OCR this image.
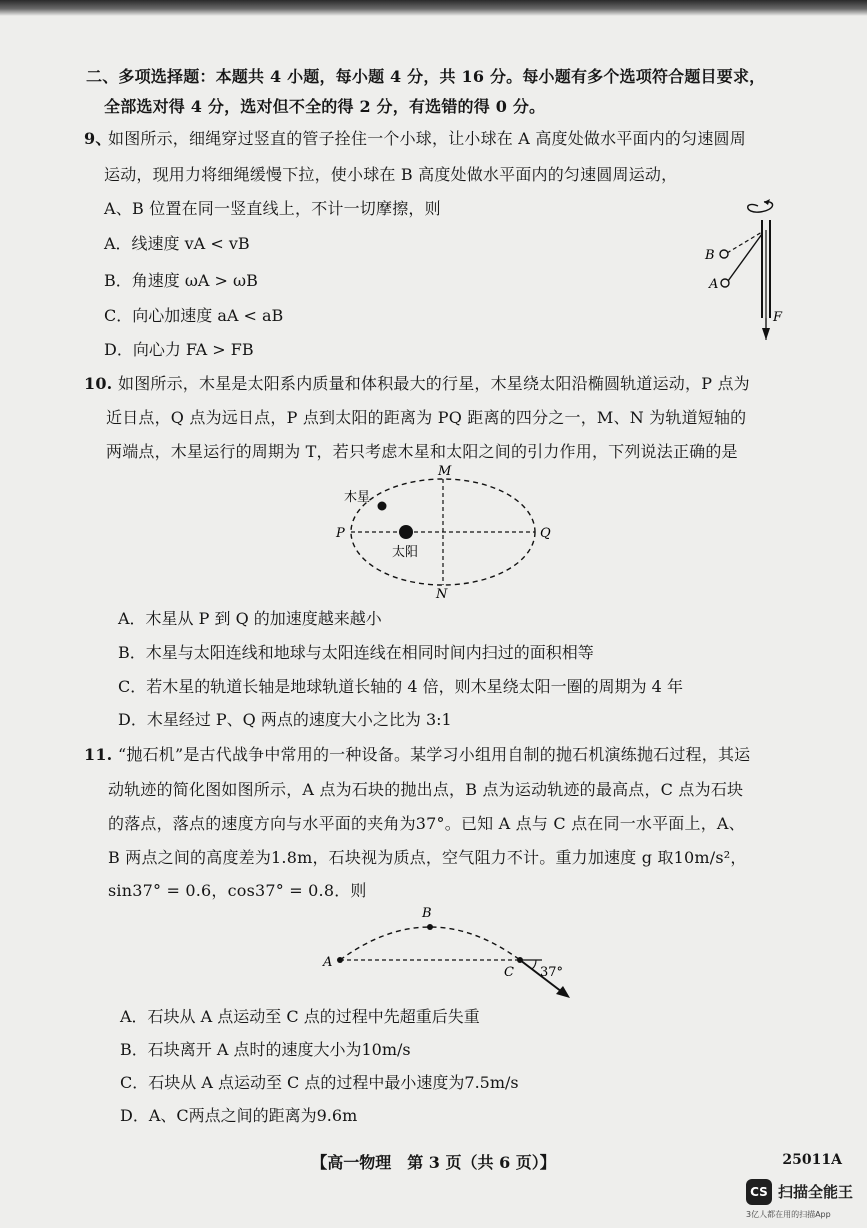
二、多项选择题：本题共 4 小题，每小题 4 分，共 16 分。每小题有多个选项符合题目要求，
全部选对得 4 分，选对但不全的得 2 分，有选错的得 0 分。
9、
如图所示，细绳穿过竖直的管子拴住一个小球，让小球在 A 高度处做水平面内的匀速圆周
运动，现用力将细绳缓慢下拉，使小球在 B 高度处做水平面内的匀速圆周运动，
A、B 位置在同一竖直线上，不计一切摩擦，则
A．线速度 vA < vB
B．角速度 ωA > ωB
C．向心加速度 aA < aB
D．向心力 FA > FB
F
B
A
10. 如图所示，木星是太阳系内质量和体积最大的行星，木星绕太阳沿椭圆轨道运动，P 点为
近日点，Q 点为远日点，P 点到太阳的距离为 PQ 距离的四分之一，M、N 为轨道短轴的
两端点，木星运行的周期为 T，若只考虑木星和太阳之间的引力作用，下列说法正确的是
M
N
P	Q
木星
太阳
A．木星从 P 到 Q 的加速度越来越小
B．木星与太阳连线和地球与太阳连线在相同时间内扫过的面积相等
C．若木星的轨道长轴是地球轨道长轴的 4 倍，则木星绕太阳一圈的周期为 4 年
D．木星经过 P、Q 两点的速度大小之比为 3:1
11. “抛石机”是古代战争中常用的一种设备。某学习小组用自制的抛石机演练抛石过程，其运
动轨迹的简化图如图所示，A 点为石块的抛出点，B 点为运动轨迹的最高点，C 点为石块
的落点，落点的速度方向与水平面的夹角为37°。已知 A 点与 C 点在同一水平面上，A、
B 两点之间的高度差为1.8m，石块视为质点，空气阻力不计。重力加速度 g 取10m/s²，
sin37° = 0.6，cos37° = 0.8．则
A
B
C 37°
A．石块从 A 点运动至 C 点的过程中先超重后失重
B．石块离开 A 点时的速度大小为10m/s
C．石块从 A 点运动至 C 点的过程中最小速度为7.5m/s
D．A、C两点之间的距离为9.6m
【高一物理　第 3 页（共 6 页）】	25011A
CS 扫描全能王
3亿人都在用的扫描App
